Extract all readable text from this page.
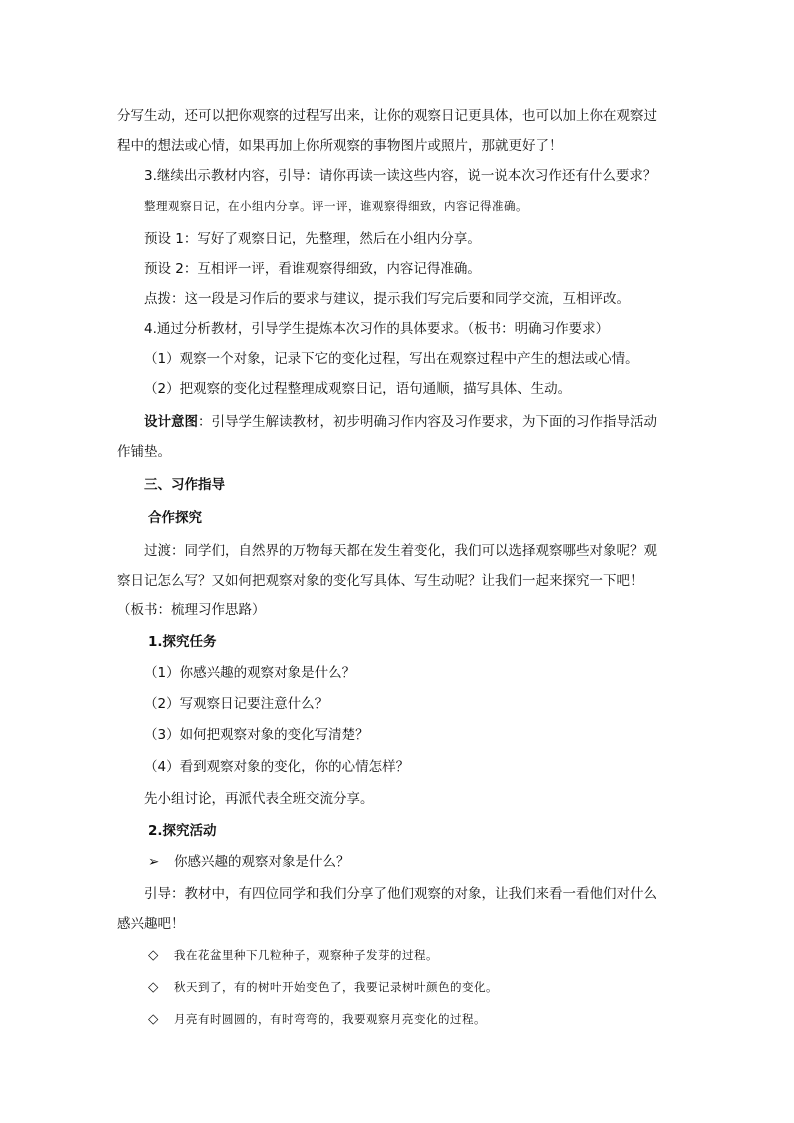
分写生动，还可以把你观察的过程写出来，让你的观察日记更具体，也可以加上你在观察过
程中的想法或心情，如果再加上你所观察的事物图片或照片，那就更好了！
3.继续出示教材内容，引导：请你再读一读这些内容，说一说本次习作还有什么要求？
整理观察日记，在小组内分享。评一评，谁观察得细致，内容记得准确。
预设 1：写好了观察日记，先整理，然后在小组内分享。
预设 2：互相评一评，看谁观察得细致，内容记得准确。
点拨：这一段是习作后的要求与建议，提示我们写完后要和同学交流，互相评改。
4.通过分析教材，引导学生提炼本次习作的具体要求。（板书：明确习作要求）
（1）观察一个对象，记录下它的变化过程，写出在观察过程中产生的想法或心情。
（2）把观察的变化过程整理成观察日记，语句通顺，描写具体、生动。
设计意图：引导学生解读教材，初步明确习作内容及习作要求，为下面的习作指导活动
作铺垫。
三、习作指导
合作探究
过渡：同学们，自然界的万物每天都在发生着变化，我们可以选择观察哪些对象呢？观
察日记怎么写？又如何把观察对象的变化写具体、写生动呢？让我们一起来探究一下吧！
（板书：梳理习作思路）
1.探究任务
（1）你感兴趣的观察对象是什么？
（2）写观察日记要注意什么？
（3）如何把观察对象的变化写清楚？
（4）看到观察对象的变化，你的心情怎样？
先小组讨论，再派代表全班交流分享。
2.探究活动
➢ 你感兴趣的观察对象是什么？
引导：教材中，有四位同学和我们分享了他们观察的对象，让我们来看一看他们对什么
感兴趣吧！
◇ 我在花盆里种下几粒种子，观察种子发芽的过程。
◇ 秋天到了，有的树叶开始变色了，我要记录树叶颜色的变化。
◇ 月亮有时圆圆的，有时弯弯的，我要观察月亮变化的过程。
